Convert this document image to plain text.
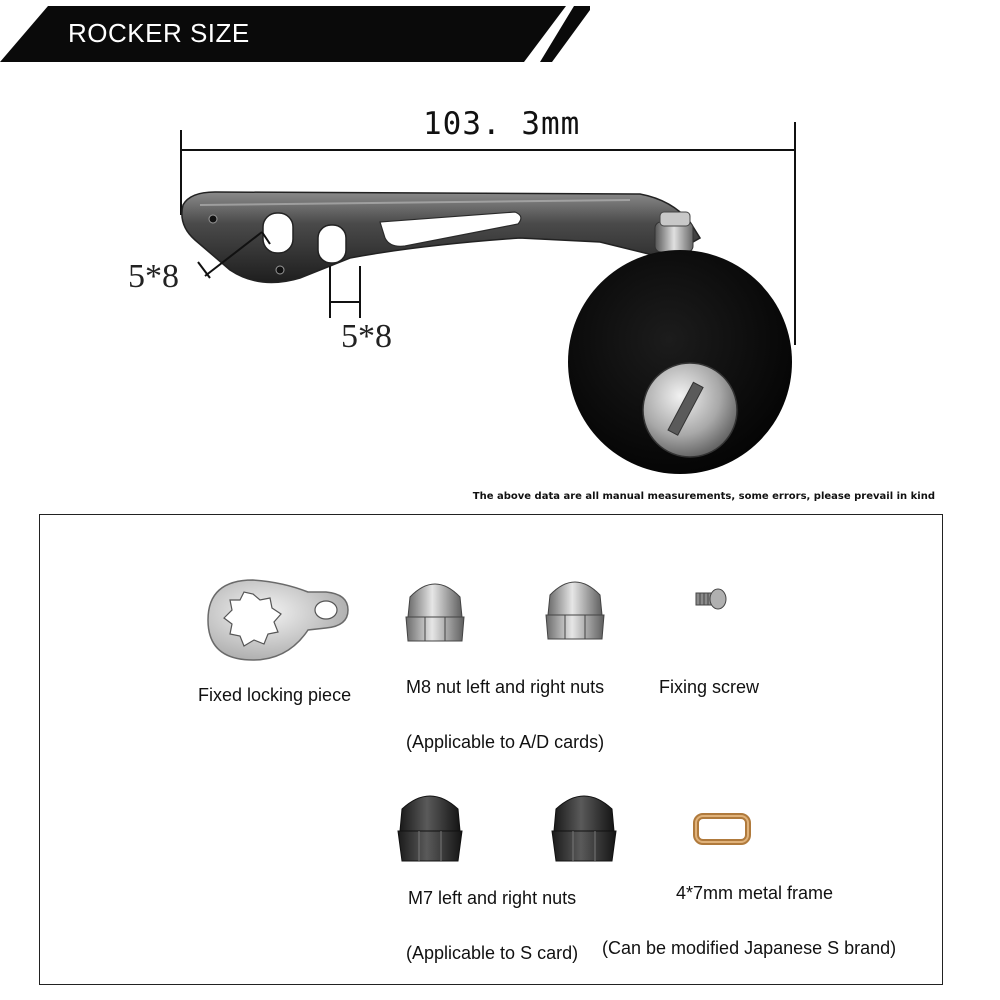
ROCKER SIZE
103. 3mm
5*8
5*8
The above data are all manual measurements, some errors, please prevail in kind
Fixed locking piece	M8 nut left and right nuts
(Applicable to A/D cards)
Fixing screw
M7 left and right nuts
(Applicable to S card)
4*7mm metal frame
(Can be modified Japanese S brand)
